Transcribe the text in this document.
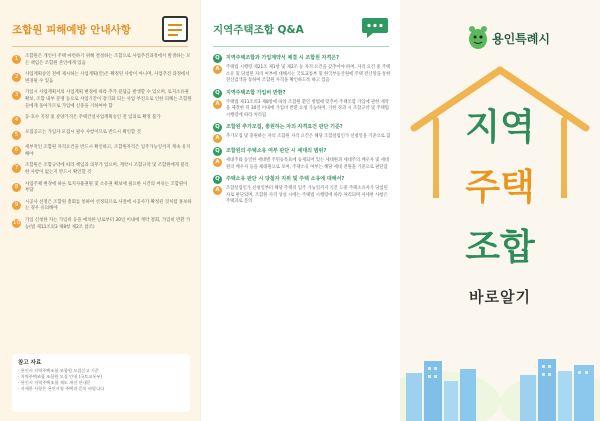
조합원 피해예방 안내사항
1	조합원은 개인이 주택 마련하기 위해 결성하는 조합으로 사업추진과정에서 발생하는 모든 책임은 조합원 본인에게 있음
2	사업계획승인 전에 제시하는 사업계획(안)은 확정된 사항이 아니며, 사업추진 과정에서 변경될 수 있음
3	가입시 사업계획서의 사업계획 변경에 따라 추가 분담금 발생할 수 있으며, 토지소유권 확보, 조합 내부 분쟁 등으로 사업기간이 장기화 되는 사업 부진으로 인한 피해는 조합원들에게 돌아가므로 가입에 신중을 기하여야 함
4	동·호수 지정 및 분양가격은 주택건설사업계획승인 전 임의로 확정 불가
5	모집공고는 가입자 모집시 필수 사항이므로 반드시 확인할 것
6	세부적인 조합원 자격요건을 반드시 확인하고, 조합원자격은 입주가능일까지 계속 유지 해야
7	조합원은 조합규약에 따라 책임과 의무가 있으며, 계약시 조합규약 및 조합원에게 불리한 사항이 없는지 반드시 확인할 것
8	사업주체 변경에 따른 토지사용권원 및 소유권 확보에 필요한 시간의 여유는 조합원이 부담
9	시공사 선정은 조합원 총회를 통하여 선정되므로 사전에 시공사가 확정된 것처럼 홍보하는 경우 유의해야
10 가입 신청한 자는 가입비 등을 예치한 날로부터 30일 이내에 계약 철회, 가입비 반환 가능(법 제11조의3 제8항 제2조 참조)
참고 자료
· 용인시 지역주택조합 조합원 모집신고 기준
· 지역주택조합 조합원 모집 안내 (국토교통부)
· 용인시 지역주택조합 제도 개선 안내문
· 자세한 사항은 용인시청 주택과 문의 바랍니다
지역주택조합 Q&A
Q	지역주택조합과 가입계약서 체결 시 조합원 자격은?
A	주택법 시행령 제21조 제1항 및 제2조 등 자격 요건을 갖추어야 하며, 자격 요건 중 주택소유 및 당첨된 자의 여부에 대해서는 국토교통부 및 한국부동산원에 주택 전산망을 통한 전산검색을 통하여 조합원 자격을 확인하도록 하고 있음
Q	지역주택조합 가입비 반환?
A	주택법 제11조의3 제8항에 따라 조합원 환인 방법에 맞추어 주택조합 가입에 관한 계약을 체결한 뒤 30일 이내에 가입비 반환 요청 가능하며, 기한 경과 시 조합규약 및 주택법 시행령에 따라 처리됨
Q	조합원 추가모집, 충원하는 자의 자격요건 판단 기준?
A	추가모집 및 충원하는 자의 조합원 자격 요건은 해당 조합설립인가 신청일을 기준으로 함
Q	조합원의 주택소유 여부 판단 시 세대의 범위?
A	세대주와 동일한 세대별 주민등록표에 등재되어 있는 세대원과 세대주의 배우자 및 세대원의 배우자 등을 세대원으로 보며, 주택소유 여부는 해당 세대 전원을 기준으로 판단함
Q	주택소유 판단 시 당첨자 지위 및 주택 소유에 대해서?
A	조합설립인가 신청일부터 해당 주택의 입주 가능일까지 기간 도중 주택소유자가 당첨된 자로 판단되며, 조합원 자격 상실 시에는 주택법 시행령에 따라 처리되며 자세한 사항은 주택과로 문의
용인특례시
지역
주택
조합
바로알기
